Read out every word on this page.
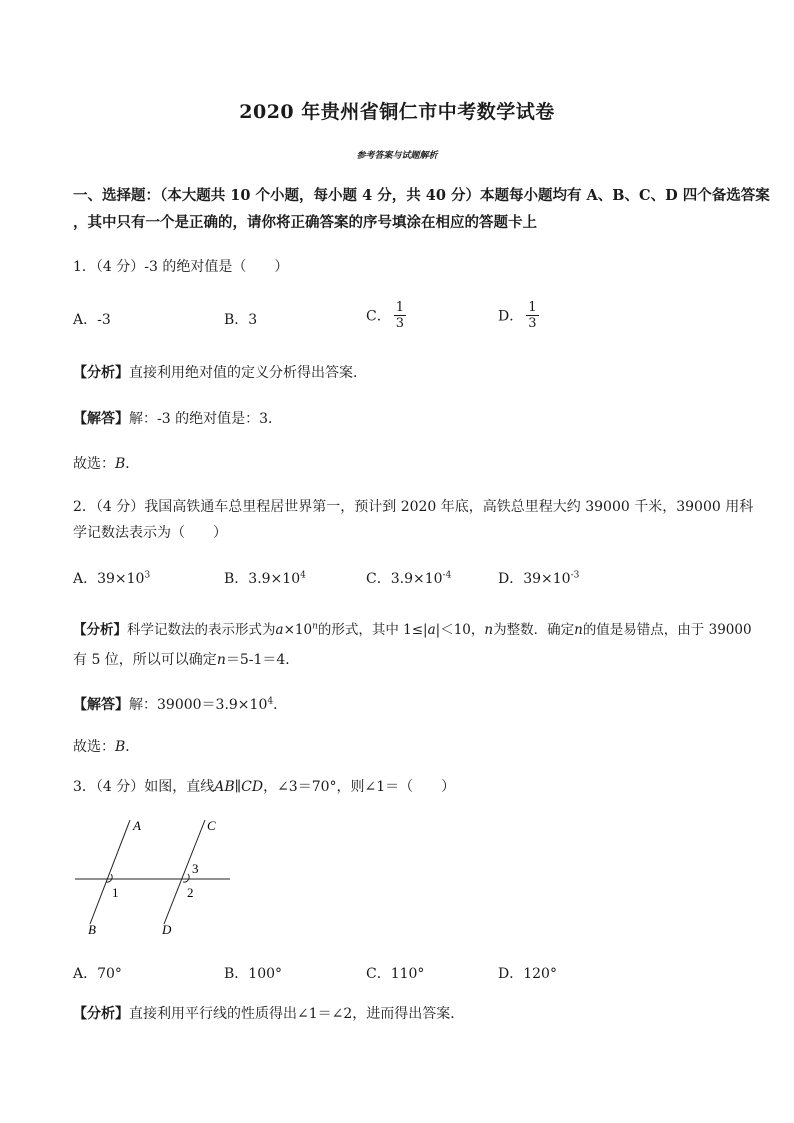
2020 年贵州省铜仁市中考数学试卷
参考答案与试题解析
一、选择题：（本大题共 10 个小题，每小题 4 分，共 40 分）本题每小题均有 A、B、C、D 四个备选答案
，其中只有一个是正确的，请你将正确答案的序号填涂在相应的答题卡上
1．（4 分）-3 的绝对值是（　　）
A．-3	B．3	C． $\frac{1}{3}$	D． $\frac{1}{3}$
【分析】直接利用绝对值的定义分析得出答案．
【解答】解：-3 的绝对值是：3．
故选：B．
2．（4 分）我国高铁通车总里程居世界第一，预计到 2020 年底，高铁总里程大约 39000 千米，39000 用科
学记数法表示为（　　）
A．$39\times 10^3$	B．$3.9\times 10^4$	C．$3.9\times 10^{-4}$	D．$39\times 10^{-3}$
【分析】科学记数法的表示形式为$a\times 10^n$的形式，其中 1≤|a|＜10，n为整数．确定n的值是易错点，由于 39000
有 5 位，所以可以确定n＝5-1＝4．
【解答】解：$39000=3.9\times 10^4$．
故选：B．
3．（4 分）如图，直线AB∥CD，∠3＝70°，则∠1＝（　　）
A
B
C
D
1	2
3
A．70°	B．100°	C．110°	D．120°
【分析】直接利用平行线的性质得出∠1＝∠2，进而得出答案．
